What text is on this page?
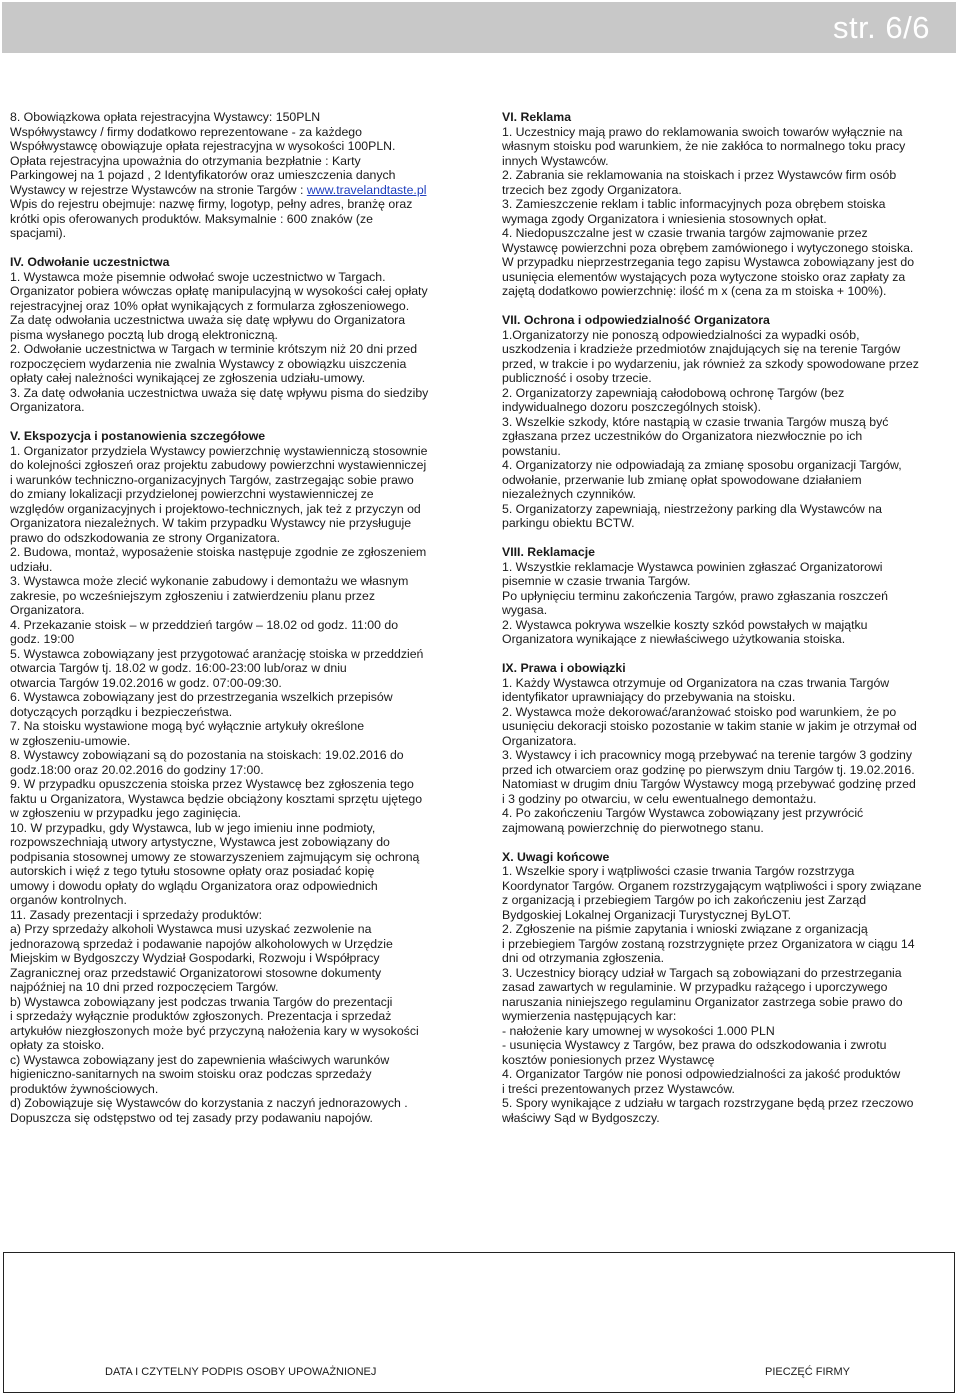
str. 6/6

8. Obowiązkowa opłata rejestracyjna Wystawcy: 150PLN

Współwystawcy / firmy dodatkowo reprezentowane - za każdego

Współwystawcę obowiązuje opłata rejestracyjna w wysokości 100PLN.

Opłata rejestracyjna upoważnia do otrzymania bezpłatnie : Karty

Parkingowej na 1 pojazd , 2 Identyfikatorów oraz umieszczenia danych

Wystawcy w rejestrze Wystawców na stronie Targów : www.travelandtaste.pl

Wpis do rejestru obejmuje: nazwę firmy, logotyp, pełny adres, branżę oraz

krótki opis oferowanych produktów. Maksymalnie : 600 znaków (ze

spacjami).

IV. Odwołanie uczestnictwa

1. Wystawca może pisemnie odwołać swoje uczestnictwo w Targach.

Organizator pobiera wówczas opłatę manipulacyjną w wysokości całej opłaty

rejestracyjnej oraz 10% opłat wynikających z formularza zgłoszeniowego.

Za datę odwołania uczestnictwa uważa się datę wpływu do Organizatora

pisma wysłanego pocztą lub drogą elektroniczną.

2. Odwołanie uczestnictwa w Targach w terminie krótszym niż 20 dni przed

rozpoczęciem wydarzenia nie zwalnia Wystawcy z obowiązku uiszczenia

opłaty całej należności wynikającej ze zgłoszenia udziału-umowy.

3. Za datę odwołania uczestnictwa uważa się datę wpływu pisma do siedziby

Organizatora.

V. Ekspozycja i postanowienia szczegółowe

1. Organizator przydziela Wystawcy powierzchnię wystawienniczą stosownie

do kolejności zgłoszeń oraz projektu zabudowy powierzchni wystawienniczej

i warunków techniczno-organizacyjnych Targów, zastrzegając sobie prawo

do zmiany lokalizacji przydzielonej powierzchni wystawienniczej ze

względów organizacyjnych i projektowo-technicznych, jak też z przyczyn od

Organizatora niezależnych. W takim przypadku Wystawcy nie przysługuje

prawo do odszkodowania ze strony Organizatora.

2. Budowa, montaż, wyposażenie stoiska następuje zgodnie ze zgłoszeniem

udziału.

3. Wystawca może zlecić wykonanie zabudowy i demontażu we własnym

zakresie, po wcześniejszym zgłoszeniu i zatwierdzeniu planu przez

Organizatora.

4. Przekazanie stoisk – w przeddzień targów – 18.02 od godz. 11:00 do

godz. 19:00

5. Wystawca zobowiązany jest przygotować aranżację stoiska w przeddzień

otwarcia Targów tj. 18.02 w godz. 16:00-23:00 lub/oraz w dniu

otwarcia Targów 19.02.2016 w godz. 07:00-09:30.

6. Wystawca zobowiązany jest do przestrzegania wszelkich przepisów

dotyczących porządku i bezpieczeństwa.

7. Na stoisku wystawione mogą być wyłącznie artykuły określone

w zgłoszeniu-umowie.

8. Wystawcy zobowiązani są do pozostania na stoiskach: 19.02.2016 do

godz.18:00 oraz 20.02.2016 do godziny 17:00.

9. W przypadku opuszczenia stoiska przez Wystawcę bez zgłoszenia tego

faktu u Organizatora, Wystawca będzie obciążony kosztami sprzętu ujętego

w zgłoszeniu w przypadku jego zaginięcia.

10. W przypadku, gdy Wystawca, lub w jego imieniu inne podmioty,

rozpowszechniają utwory artystyczne, Wystawca jest zobowiązany do

podpisania stosownej umowy ze stowarzyszeniem zajmującym się ochroną

autorskich i więź z tego tytułu stosowne opłaty oraz posiadać kopię

umowy i dowodu opłaty do wglądu Organizatora oraz odpowiednich

organów kontrolnych.

11. Zasady prezentacji i sprzedaży produktów:

a) Przy sprzedaży alkoholi Wystawca musi uzyskać zezwolenie na

jednorazową sprzedaż i podawanie napojów alkoholowych w Urzędzie

Miejskim w Bydgoszczy Wydział Gospodarki, Rozwoju i Współpracy

Zagranicznej oraz przedstawić Organizatorowi stosowne dokumenty

najpóźniej na 10 dni przed rozpoczęciem Targów.

b) Wystawca zobowiązany jest podczas trwania Targów do prezentacji

i sprzedaży wyłącznie produktów zgłoszonych. Prezentacja i sprzedaż

artykułów niezgłoszonych może być przyczyną nałożenia kary w wysokości

opłaty za stoisko.

c) Wystawca zobowiązany jest do zapewnienia właściwych warunków

higieniczno-sanitarnych na swoim stoisku oraz podczas sprzedaży

produktów żywnościowych.

d) Zobowiązuje się Wystawców do korzystania z naczyń jednorazowych .

Dopuszcza się odstępstwo od tej zasady przy podawaniu napojów.

VI. Reklama

1. Uczestnicy mają prawo do reklamowania swoich towarów wyłącznie na

własnym stoisku pod warunkiem, że nie zakłóca to normalnego toku pracy

innych Wystawców.

2. Zabrania sie reklamowania na stoiskach i przez Wystawców firm osób

trzecich bez zgody Organizatora.

3. Zamieszczenie reklam i tablic informacyjnych poza obrębem stoiska

wymaga zgody Organizatora i wniesienia stosownych opłat.

4. Niedopuszczalne jest w czasie trwania targów zajmowanie przez

Wystawcę powierzchni poza obrębem zamówionego i wytyczonego stoiska.

W przypadku nieprzestrzegania tego zapisu Wystawca zobowiązany jest do

usunięcia elementów wystających poza wytyczone stoisko oraz zapłaty za

zajętą dodatkowo powierzchnię: ilość m x (cena za m stoiska + 100%).

VII. Ochrona i odpowiedzialność Organizatora

1.Organizatorzy nie ponoszą odpowiedzialności za wypadki osób,

uszkodzenia i kradzieże przedmiotów znajdujących się na terenie Targów

przed, w trakcie i po wydarzeniu, jak również za szkody spowodowane przez

publiczność i osoby trzecie.

2. Organizatorzy zapewniają całodobową ochronę Targów (bez

indywidualnego dozoru poszczególnych stoisk).

3. Wszelkie szkody, które nastąpią w czasie trwania Targów muszą być

zgłaszana przez uczestników do Organizatora niezwłocznie po ich

powstaniu.

4. Organizatorzy nie odpowiadają za zmianę sposobu organizacji Targów,

odwołanie, przerwanie lub zmianę opłat spowodowane działaniem

niezależnych czynników.

5. Organizatorzy zapewniają, niestrzeżony parking dla Wystawców na

parkingu obiektu BCTW.

VIII. Reklamacje

1. Wszystkie reklamacje Wystawca powinien zgłaszać Organizatorowi

pisemnie w czasie trwania Targów.

Po upłynięciu terminu zakończenia Targów, prawo zgłaszania roszczeń

wygasa.

2. Wystawca pokrywa wszelkie koszty szkód powstałych w majątku

Organizatora wynikające z niewłaściwego użytkowania stoiska.

IX. Prawa i obowiązki

1. Każdy Wystawca otrzymuje od Organizatora na czas trwania Targów

identyfikator uprawniający do przebywania na stoisku.

2. Wystawca może dekorować/aranżować stoisko pod warunkiem, że po

usunięciu dekoracji stoisko pozostanie w takim stanie w jakim je otrzymał od

Organizatora.

3. Wystawcy i ich pracownicy mogą przebywać na terenie targów 3 godziny

przed ich otwarciem oraz godzinę po pierwszym dniu Targów tj. 19.02.2016.

Natomiast w drugim dniu Targów Wystawcy mogą przebywać godzinę przed

i 3 godziny po otwarciu, w celu ewentualnego demontażu.

4. Po zakończeniu Targów Wystawca zobowiązany jest przywrócić

zajmowaną powierzchnię do pierwotnego stanu.

X. Uwagi końcowe

1. Wszelkie spory i wątpliwości czasie trwania Targów rozstrzyga

Koordynator Targów. Organem rozstrzygającym wątpliwości i spory związane

z organizacją i przebiegiem Targów po ich zakończeniu jest Zarząd

Bydgoskiej Lokalnej Organizacji Turystycznej ByLOT.

2. Zgłoszenie na piśmie zapytania i wnioski związane z organizacją

i przebiegiem Targów zostaną rozstrzygnięte przez Organizatora w ciągu 14

dni od otrzymania zgłoszenia.

3. Uczestnicy biorący udział w Targach są zobowiązani do przestrzegania

zasad zawartych w regulaminie. W przypadku rażącego i uporczywego

naruszania niniejszego regulaminu Organizator zastrzega sobie prawo do

wymierzenia następujących kar:

- nałożenie kary umownej w wysokości 1.000 PLN

- usunięcia Wystawcy z Targów, bez prawa do odszkodowania i zwrotu

kosztów poniesionych przez Wystawcę

4. Organizator Targów nie ponosi odpowiedzialności za jakość produktów

i treści prezentowanych przez Wystawców.

5. Spory wynikające z udziału w targach rozstrzygane będą przez rzeczowo

właściwy Sąd w Bydgoszczy.

DATA I CZYTELNY PODPIS OSOBY UPOWAŻNIONEJ	PIECZĘĆ FIRMY
